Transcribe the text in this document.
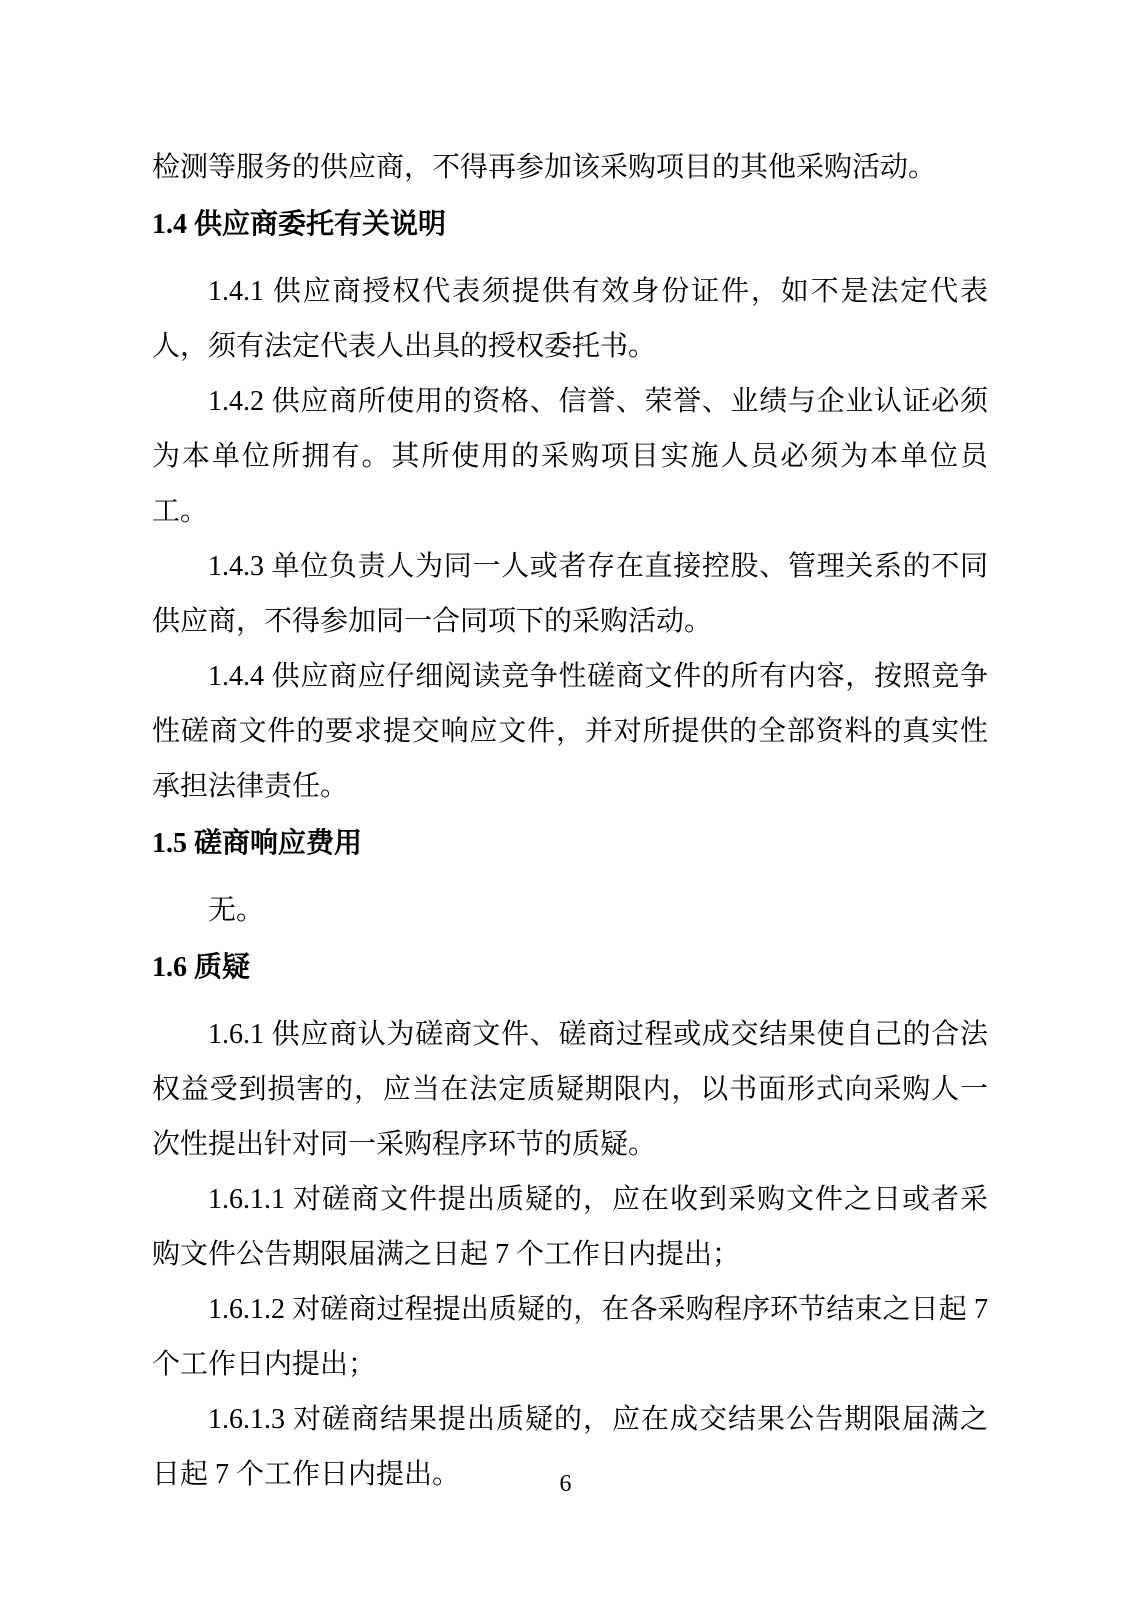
检测等服务的供应商，不得再参加该采购项目的其他采购活动。

1.4 供应商委托有关说明

1.4.1 供应商授权代表须提供有效身份证件，如不是法定代表人，须有法定代表人出具的授权委托书。

1.4.2 供应商所使用的资格、信誉、荣誉、业绩与企业认证必须为本单位所拥有。其所使用的采购项目实施人员必须为本单位员工。

1.4.3 单位负责人为同一人或者存在直接控股、管理关系的不同供应商，不得参加同一合同项下的采购活动。

1.4.4 供应商应仔细阅读竞争性磋商文件的所有内容，按照竞争性磋商文件的要求提交响应文件，并对所提供的全部资料的真实性承担法律责任。

1.5 磋商响应费用

无。

1.6 质疑

1.6.1 供应商认为磋商文件、磋商过程或成交结果使自己的合法权益受到损害的，应当在法定质疑期限内，以书面形式向采购人一次性提出针对同一采购程序环节的质疑。

1.6.1.1 对磋商文件提出质疑的，应在收到采购文件之日或者采购文件公告期限届满之日起 7 个工作日内提出；

1.6.1.2 对磋商过程提出质疑的，在各采购程序环节结束之日起 7 个工作日内提出；

1.6.1.3 对磋商结果提出质疑的，应在成交结果公告期限届满之日起 7 个工作日内提出。	6
